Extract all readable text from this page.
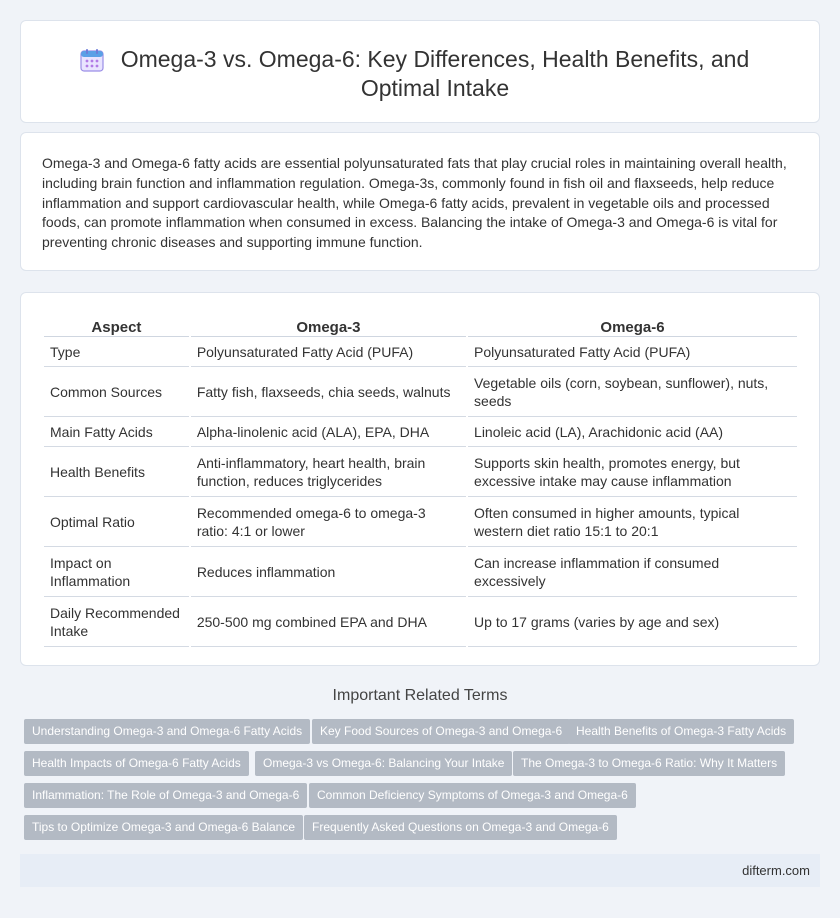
Omega-3 vs. Omega-6: Key Differences, Health Benefits, and Optimal Intake

Omega-3 and Omega-6 fatty acids are essential polyunsaturated fats that play crucial roles in maintaining overall health, including brain function and inflammation regulation. Omega-3s, commonly found in fish oil and flaxseeds, help reduce inflammation and support cardiovascular health, while Omega-6 fatty acids, prevalent in vegetable oils and processed foods, can promote inflammation when consumed in excess. Balancing the intake of Omega-3 and Omega-6 is vital for preventing chronic diseases and supporting immune function.

Aspect	Omega-3	Omega-6
Type	Polyunsaturated Fatty Acid (PUFA)	Polyunsaturated Fatty Acid (PUFA)
Common Sources	Fatty fish, flaxseeds, chia seeds, walnuts	Vegetable oils (corn, soybean, sunflower), nuts, seeds
Main Fatty Acids	Alpha-linolenic acid (ALA), EPA, DHA	Linoleic acid (LA), Arachidonic acid (AA)
Health Benefits	Anti-inflammatory, heart health, brain function, reduces triglycerides	Supports skin health, promotes energy, but excessive intake may cause inflammation
Optimal Ratio	Recommended omega-6 to omega-3 ratio: 4:1 or lower	Often consumed in higher amounts, typical western diet ratio 15:1 to 20:1
Impact on Inflammation	Reduces inflammation	Can increase inflammation if consumed excessively
Daily Recommended Intake	250-500 mg combined EPA and DHA	Up to 17 grams (varies by age and sex)
Important Related Terms
Understanding Omega-3 and Omega-6 Fatty Acids	Key Food Sources of Omega-3 and Omega-6	Health Benefits of Omega-3 Fatty Acids
Health Impacts of Omega-6 Fatty Acids	Omega-3 vs Omega-6: Balancing Your Intake	The Omega-3 to Omega-6 Ratio: Why It Matters
Inflammation: The Role of Omega-3 and Omega-6	Common Deficiency Symptoms of Omega-3 and Omega-6
Tips to Optimize Omega-3 and Omega-6 Balance	Frequently Asked Questions on Omega-3 and Omega-6
difterm.com
